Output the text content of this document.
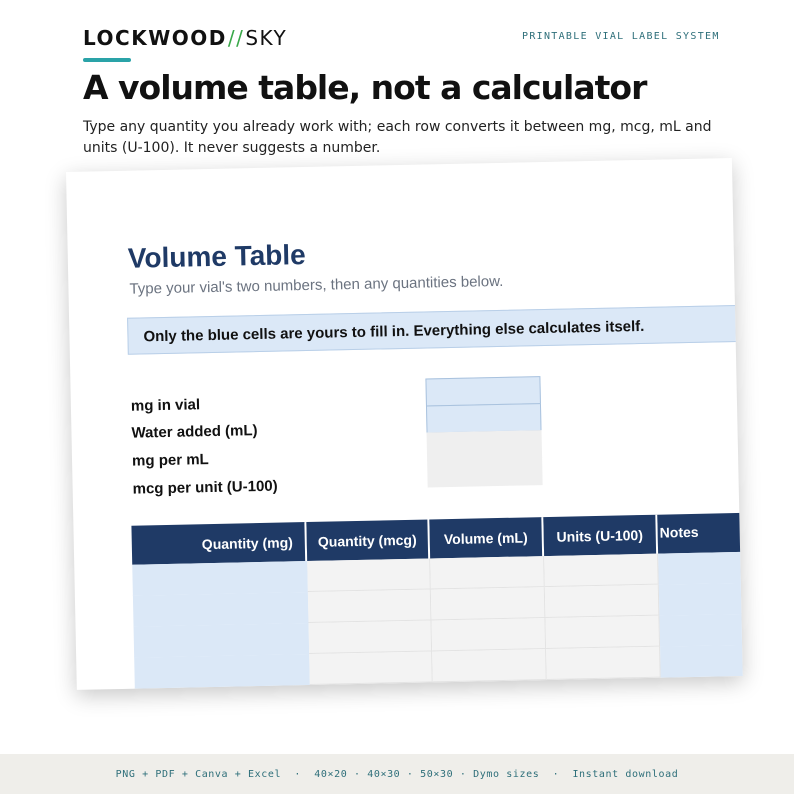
LOCKWOOD//SKY	PRINTABLE VIAL LABEL SYSTEM
A volume table, not a calculator

Type any quantity you already work with; each row converts it between mg, mcg, mL and units (U-100). It never suggests a number.

Volume Table
Type your vial's two numbers, then any quantities below.
Only the blue cells are yours to fill in. Everything else calculates itself.
mg in vial
Water added (mL)
mg per mL
mcg per unit (U-100)
Quantity (mg)	Quantity (mcg)	Volume (mL)	Units (U-100)	Notes
PNG + PDF + Canva + Excel  ·  40×20 · 40×30 · 50×30 · Dymo sizes  ·  Instant download
